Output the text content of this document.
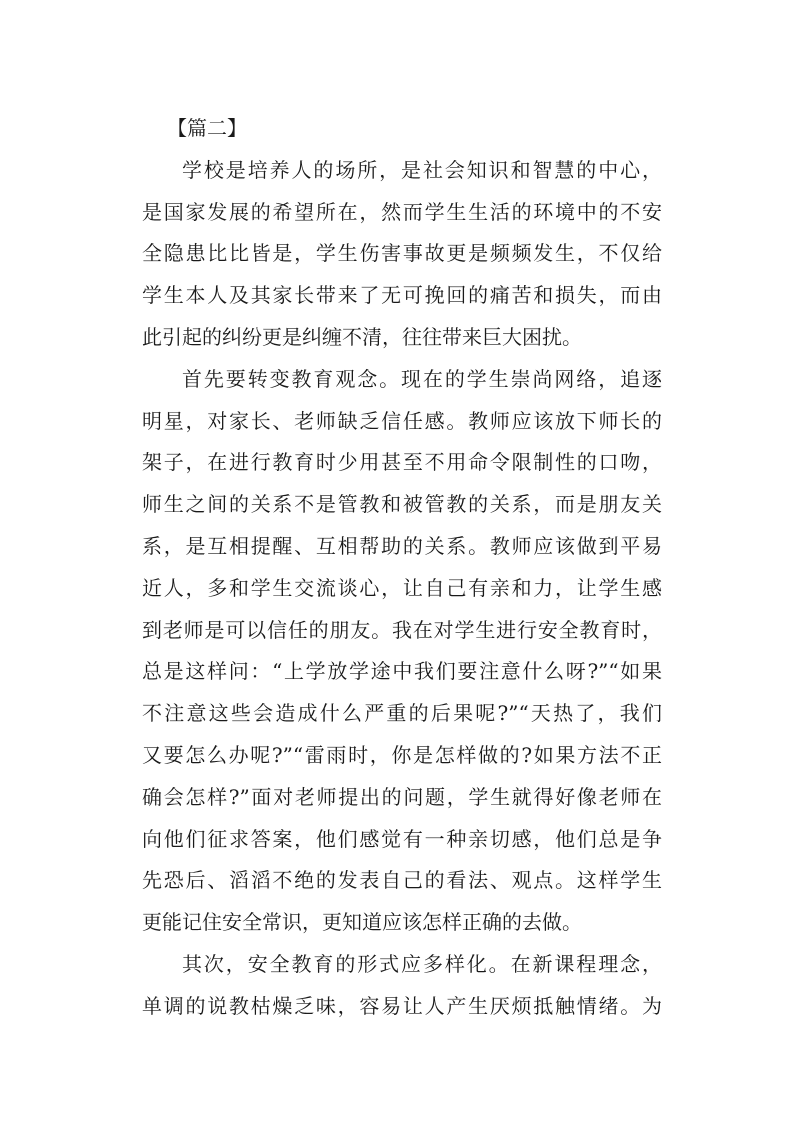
【篇二】
学校是培养人的场所，是社会知识和智慧的中心，
是国家发展的希望所在，然而学生生活的环境中的不安
全隐患比比皆是，学生伤害事故更是频频发生，不仅给
学生本人及其家长带来了无可挽回的痛苦和损失，而由
此引起的纠纷更是纠缠不清，往往带来巨大困扰。
首先要转变教育观念。现在的学生崇尚网络，追逐
明星，对家长、老师缺乏信任感。教师应该放下师长的
架子，在进行教育时少用甚至不用命令限制性的口吻，
师生之间的关系不是管教和被管教的关系，而是朋友关
系，是互相提醒、互相帮助的关系。教师应该做到平易
近人，多和学生交流谈心，让自己有亲和力，让学生感
到老师是可以信任的朋友。我在对学生进行安全教育时，
总是这样问：“上学放学途中我们要注意什么呀?”“如果
不注意这些会造成什么严重的后果呢?”“天热了，我们
又要怎么办呢?”“雷雨时，你是怎样做的?如果方法不正
确会怎样?”面对老师提出的问题，学生就得好像老师在
向他们征求答案，他们感觉有一种亲切感，他们总是争
先恐后、滔滔不绝的发表自己的看法、观点。这样学生
更能记住安全常识，更知道应该怎样正确的去做。
其次，安全教育的形式应多样化。在新课程理念，
单调的说教枯燥乏味，容易让人产生厌烦抵触情绪。为
